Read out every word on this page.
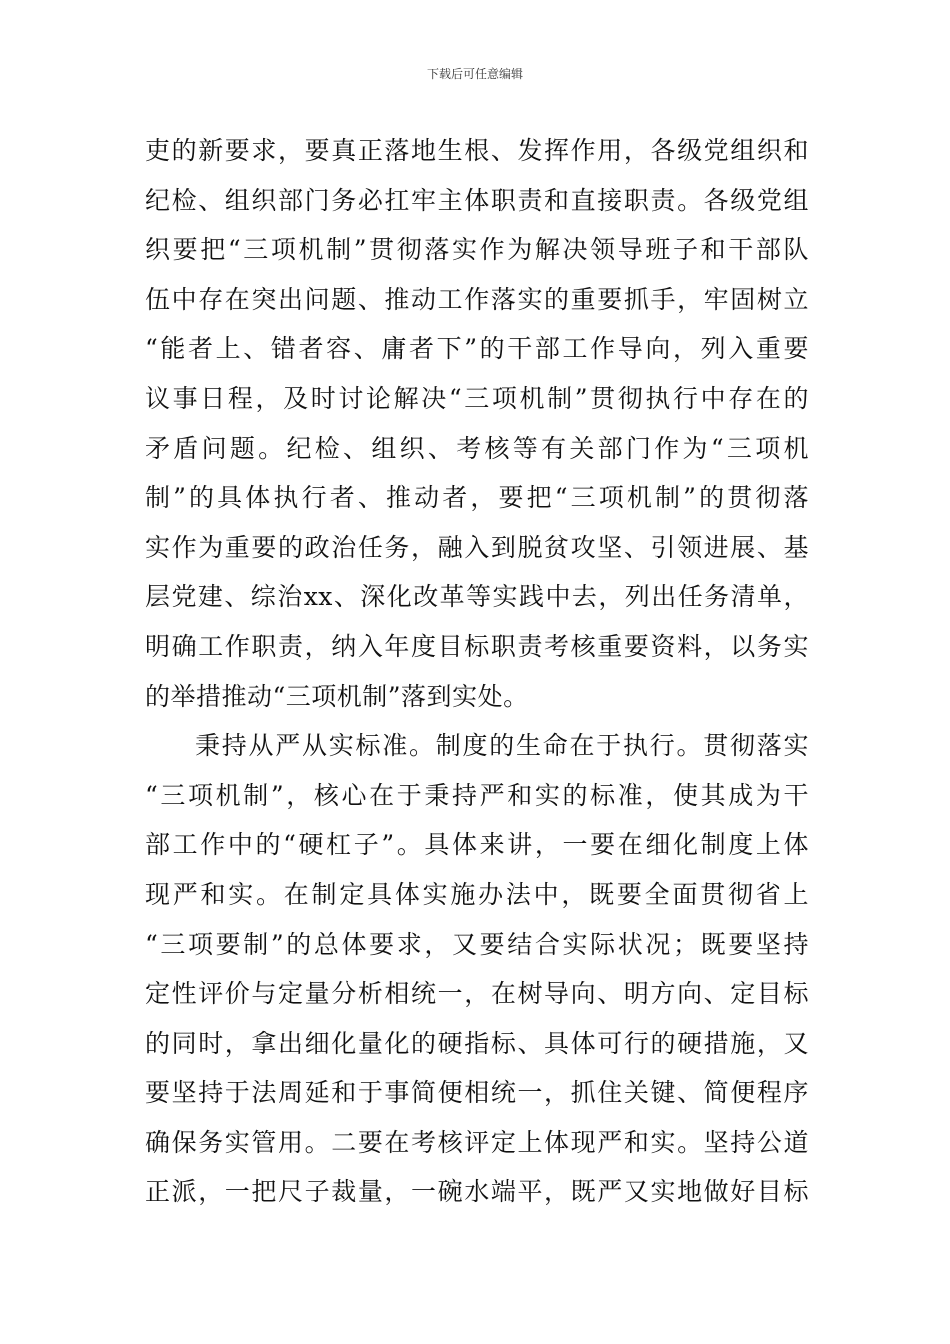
下载后可任意编辑
吏的新要求，要真正落地生根、发挥作用，各级党组织和
纪检、组织部门务必扛牢主体职责和直接职责。各级党组
织要把“三项机制”贯彻落实作为解决领导班子和干部队
伍中存在突出问题、推动工作落实的重要抓手，牢固树立
“能者上、错者容、庸者下”的干部工作导向，列入重要
议事日程，及时讨论解决“三项机制”贯彻执行中存在的
矛盾问题。纪检、组织、考核等有关部门作为“三项机
制”的具体执行者、推动者，要把“三项机制”的贯彻落
实作为重要的政治任务，融入到脱贫攻坚、引领进展、基
层党建、综治xx、深化改革等实践中去，列出任务清单，
明确工作职责，纳入年度目标职责考核重要资料，以务实
的举措推动“三项机制”落到实处。
秉持从严从实标准。制度的生命在于执行。贯彻落实
“三项机制”，核心在于秉持严和实的标准，使其成为干
部工作中的“硬杠子”。具体来讲，一要在细化制度上体
现严和实。在制定具体实施办法中，既要全面贯彻省上
“三项要制”的总体要求，又要结合实际状况；既要坚持
定性评价与定量分析相统一，在树导向、明方向、定目标
的同时，拿出细化量化的硬指标、具体可行的硬措施，又
要坚持于法周延和于事简便相统一，抓住关键、简便程序
确保务实管用。二要在考核评定上体现严和实。坚持公道
正派，一把尺子裁量，一碗水端平，既严又实地做好目标
